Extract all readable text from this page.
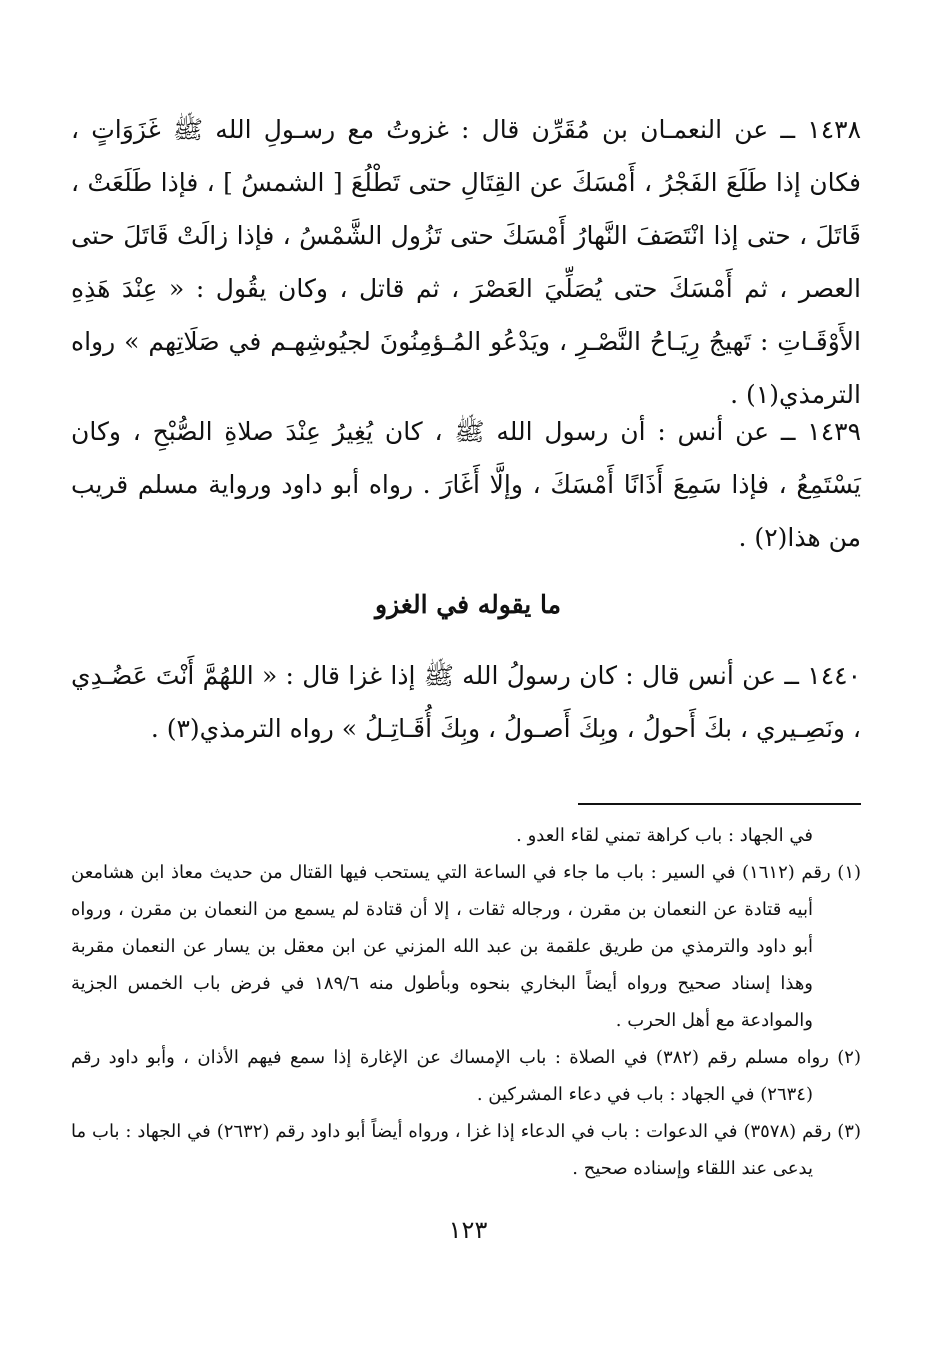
١٤٣٨ ــ عن النعمـان بن مُقَرِّن قال : غزوتُ مع رسـولِ الله ﷺ غَزَوَاتٍ ، فكان إذا طَلَعَ الفَجْرُ ، أَمْسَكَ عن القِتَالِ حتى تَطْلُعَ [ الشمسُ ] ، فإذا طَلَعَتْ ، قَاتَلَ ، حتى إذا انْتَصَفَ النَّهارُ أَمْسَكَ حتى تَزُول الشَّمْسُ ، فإذا زالَتْ قَاتَلَ حتى العصر ، ثم أَمْسَكَ حتى يُصَلِّيَ العَصْرَ ، ثم قاتل ، وكان يقُول : « عِنْدَ هَذِهِ الأَوْقَـاتِ : تَهيجُ رِيَـاحُ النَّصْـرِ ، ويَدْعُو المُـؤمِنُونَ لجيُوشِهـم في صَلَاتِهم » رواه الترمذي(١) .

١٤٣٩ ــ عن أنس : أن رسول الله ﷺ ، كان يُغِيرُ عِنْدَ صلاةِ الصُّبْحِ ، وكان يَسْتَمِعُ ، فإذا سَمِعَ أَذَانًا أَمْسَكَ ، وإلَّا أَغَارَ . رواه أبو داود ورواية مسلم قريب من هذا(٢) .

ما يقوله في الغزو

١٤٤٠ ــ عن أنس قال : كان رسولُ الله ﷺ إذا غزا قال : « اللهُمَّ أَنْتَ عَضُـدِي ، ونَصِـيري ، بكَ أَحولُ ، وبِكَ أَصـولُ ، وبِكَ أُقَـاتِـلُ » رواه الترمذي(٣) .

في الجهاد : باب كراهة تمني لقاء العدو .

(١) رقم (١٦١٢) في السير : باب ما جاء في الساعة التي يستحب فيها القتال من حديث معاذ ابن هشامعن أبيه قتادة عن النعمان بن مقرن ، ورجاله ثقات ، إلا أن قتادة لم يسمع من النعمان بن مقرن ، ورواه أبو داود والترمذي من طريق علقمة بن عبد الله المزني عن ابن معقل بن يسار عن النعمان مقربة وهذا إسناد صحيح ورواه أيضاً البخاري بنحوه وبأطول منه ١٨٩/٦ في فرض باب الخمس الجزية والموادعة مع أهل الحرب .

(٢) رواه مسلم رقم (٣٨٢) في الصلاة : باب الإمساك عن الإغارة إذا سمع فيهم الأذان ، وأبو داود رقم (٢٦٣٤) في الجهاد : باب في دعاء المشركين .

(٣) رقم (٣٥٧٨) في الدعوات : باب في الدعاء إذا غزا ، ورواه أيضاً أبو داود رقم (٢٦٣٢) في الجهاد : باب ما يدعى عند اللقاء وإسناده صحيح .

١٢٣
